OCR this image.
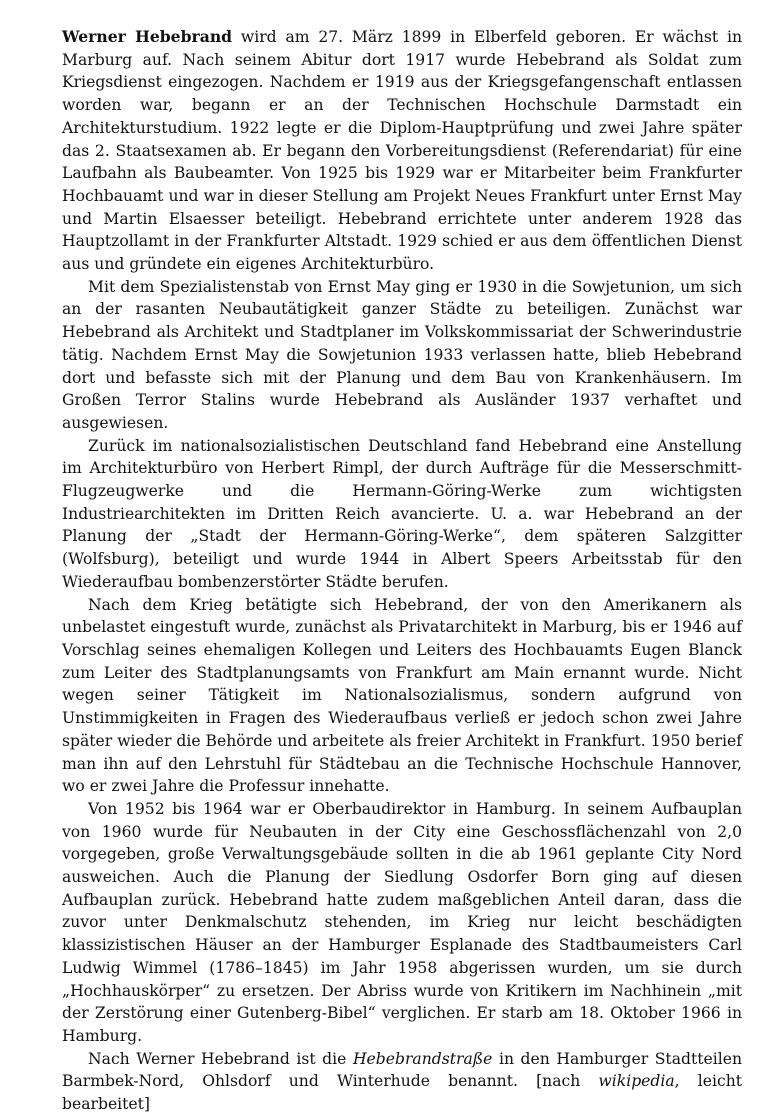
Werner Hebebrand wird am 27. März 1899 in Elberfeld geboren. Er wächst in Marburg auf. Nach seinem Abitur dort 1917 wurde Hebebrand als Soldat zum Kriegsdienst eingezogen. Nachdem er 1919 aus der Kriegsgefangenschaft entlassen worden war, begann er an der Technischen Hochschule Darmstadt ein Architekturstudium. 1922 legte er die Diplom-Hauptprüfung und zwei Jahre später das 2. Staatsexamen ab. Er begann den Vorbereitungsdienst (Referendariat) für eine Laufbahn als Baubeamter. Von 1925 bis 1929 war er Mitarbeiter beim Frankfurter Hochbauamt und war in dieser Stellung am Projekt Neues Frankfurt unter Ernst May und Martin Elsaesser beteiligt. Hebebrand errichtete unter anderem 1928 das Hauptzollamt in der Frankfurter Altstadt. 1929 schied er aus dem öffentlichen Dienst aus und gründete ein eigenes Architekturbüro.

Mit dem Spezialistenstab von Ernst May ging er 1930 in die Sowjetunion, um sich an der rasanten Neubautätigkeit ganzer Städte zu beteiligen. Zunächst war Hebebrand als Architekt und Stadtplaner im Volkskommissariat der Schwerindustrie tätig. Nachdem Ernst May die Sowjetunion 1933 verlassen hatte, blieb Hebebrand dort und befasste sich mit der Planung und dem Bau von Krankenhäusern. Im Großen Terror Stalins wurde Hebebrand als Ausländer 1937 verhaftet und ausgewiesen.

Zurück im nationalsozialistischen Deutschland fand Hebebrand eine Anstellung im Architekturbüro von Herbert Rimpl, der durch Aufträge für die Messerschmitt-Flugzeugwerke und die Hermann-Göring-Werke zum wichtigsten Industriearchitekten im Dritten Reich avancierte. U. a. war Hebebrand an der Planung der „Stadt der Hermann-Göring-Werke“, dem späteren Salzgitter (Wolfsburg), beteiligt und wurde 1944 in Albert Speers Arbeitsstab für den Wiederaufbau bombenzerstörter Städte berufen.

Nach dem Krieg betätigte sich Hebebrand, der von den Amerikanern als unbelastet eingestuft wurde, zunächst als Privatarchitekt in Marburg, bis er 1946 auf Vorschlag seines ehemaligen Kollegen und Leiters des Hochbauamts Eugen Blanck zum Leiter des Stadtplanungsamts von Frankfurt am Main ernannt wurde. Nicht wegen seiner Tätigkeit im Nationalsozialismus, sondern aufgrund von Unstimmigkeiten in Fragen des Wiederaufbaus verließ er jedoch schon zwei Jahre später wieder die Behörde und arbeitete als freier Architekt in Frankfurt. 1950 berief man ihn auf den Lehrstuhl für Städtebau an die Technische Hochschule Hannover, wo er zwei Jahre die Professur innehatte.

Von 1952 bis 1964 war er Oberbaudirektor in Hamburg. In seinem Aufbauplan von 1960 wurde für Neubauten in der City eine Geschossflächenzahl von 2,0 vorgegeben, große Verwaltungsgebäude sollten in die ab 1961 geplante City Nord ausweichen. Auch die Planung der Siedlung Osdorfer Born ging auf diesen Aufbauplan zurück. Hebebrand hatte zudem maßgeblichen Anteil daran, dass die zuvor unter Denkmalschutz stehenden, im Krieg nur leicht beschädigten klassizistischen Häuser an der Hamburger Esplanade des Stadtbaumeisters Carl Ludwig Wimmel (1786–1845) im Jahr 1958 abgerissen wurden, um sie durch „Hochhauskörper“ zu ersetzen. Der Abriss wurde von Kritikern im Nachhinein „mit der Zerstörung einer Gutenberg-Bibel“ verglichen. Er starb am 18. Oktober 1966 in Hamburg.

Nach Werner Hebebrand ist die Hebebrandstraße in den Hamburger Stadtteilen Barmbek-Nord, Ohlsdorf und Winterhude benannt. [nach wikipedia, leicht bearbeitet]
